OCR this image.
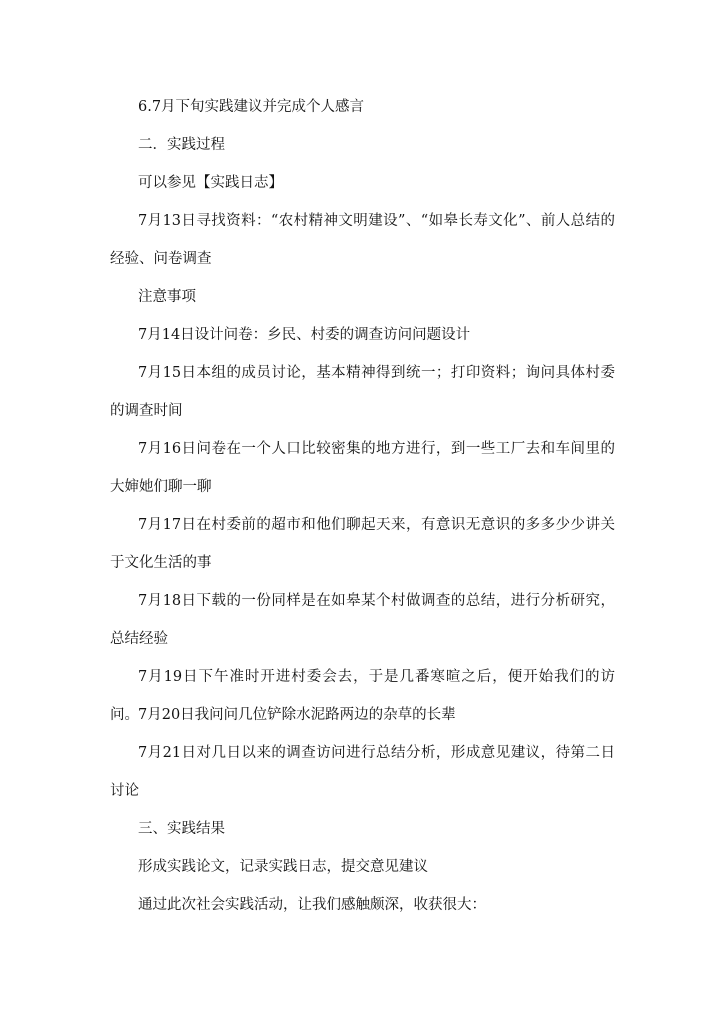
6.7月下旬实践建议并完成个人感言

二．实践过程

可以参见【实践日志】

7月13日寻找资料：“农村精神文明建设”、“如皋长寿文化”、前人总结的经验、问卷调查

注意事项

7月14日设计问卷：乡民、村委的调查访问问题设计

7月15日本组的成员讨论，基本精神得到统一；打印资料；询问具体村委的调查时间

7月16日问卷在一个人口比较密集的地方进行，到一些工厂去和车间里的大婶她们聊一聊

7月17日在村委前的超市和他们聊起天来，有意识无意识的多多少少讲关于文化生活的事

7月18日下载的一份同样是在如皋某个村做调查的总结，进行分析研究，总结经验

7月19日下午准时开进村委会去，于是几番寒暄之后，便开始我们的访问。 7月20日我问问几位铲除水泥路两边的杂草的长辈

7月21日对几日以来的调查访问进行总结分析，形成意见建议，待第二日讨论

三、实践结果

形成实践论文，记录实践日志，提交意见建议

通过此次社会实践活动，让我们感触颇深，收获很大：
